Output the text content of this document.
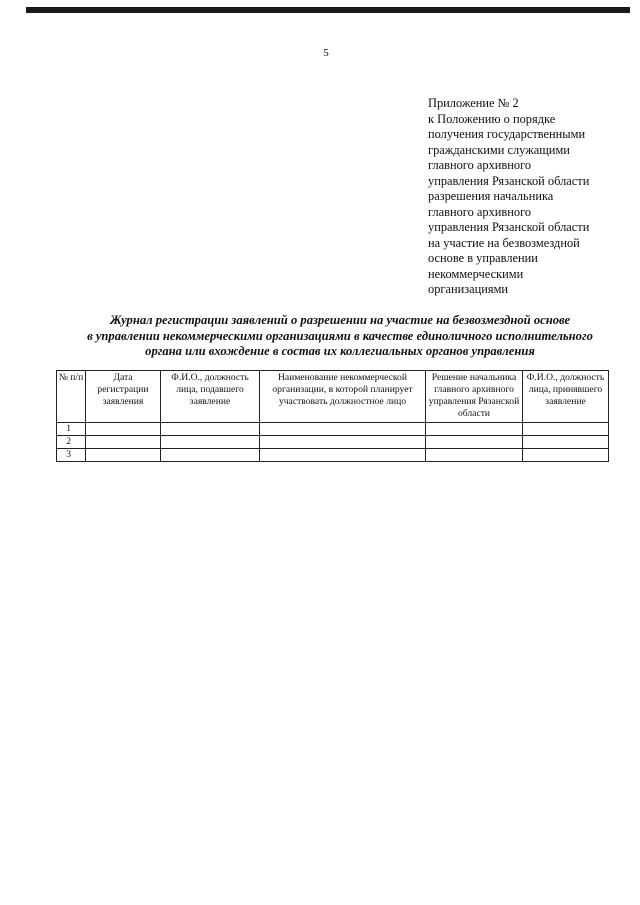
5
Приложение № 2
к Положению о порядке
получения государственными
гражданскими служащими
главного архивного
управления Рязанской области
разрешения начальника
главного архивного
управления Рязанской области
на участие на безвозмездной
основе в управлении
некоммерческими
организациями
Журнал регистрации заявлений о разрешении на участие на безвозмездной основе
в управлении некоммерческими организациями в качестве единоличного исполнительного
органа или вхождение в состав их коллегиальных органов управления
№ п/п	Дата регистрации заявления	Ф.И.О., должность лица, подавшего заявление	Наименование некоммерческой организации, в которой планирует участвовать должностное лицо	Решение начальника главного архивного управления Рязанской области	Ф.И.О., должность лица, принявшего заявление
1					
2					
3					
